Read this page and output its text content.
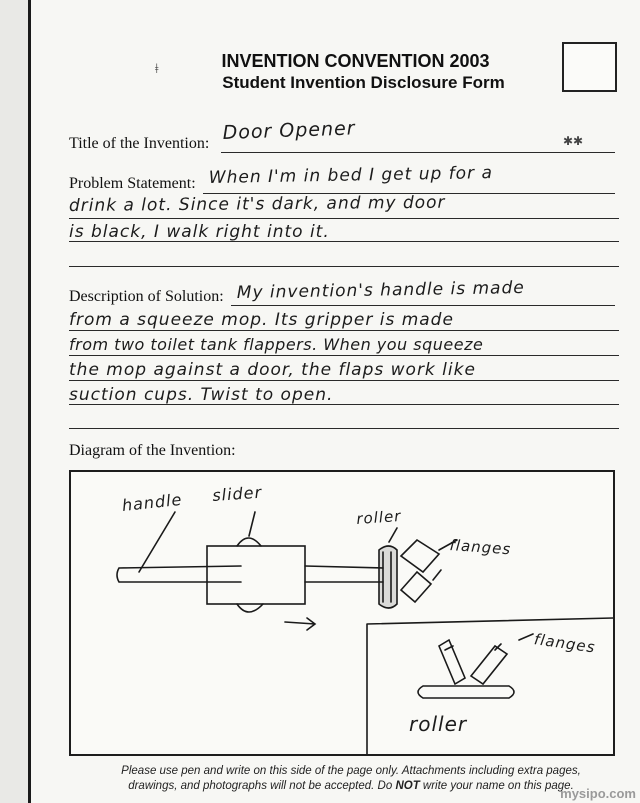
INVENTION CONVENTION 2003
Student Invention Disclosure Form
ǂ
Title of the Invention: Door Opener	✱✱
Problem Statement: When I'm in bed I get up for a
drink a lot. Since it's dark, and my door
is black, I walk right into it.
Description of Solution: My invention's handle is made
from a squeeze mop. Its gripper is made
from two toilet tank flappers. When you squeeze
the mop against a door, the flaps work like
suction cups. Twist to open.
Diagram of the Invention:
handle slider
roller
flanges
flanges
roller
Please use pen and write on this side of the page only. Attachments including extra pages,
drawings, and photographs will not be accepted. Do NOT write your name on this page.
mysipo.com
